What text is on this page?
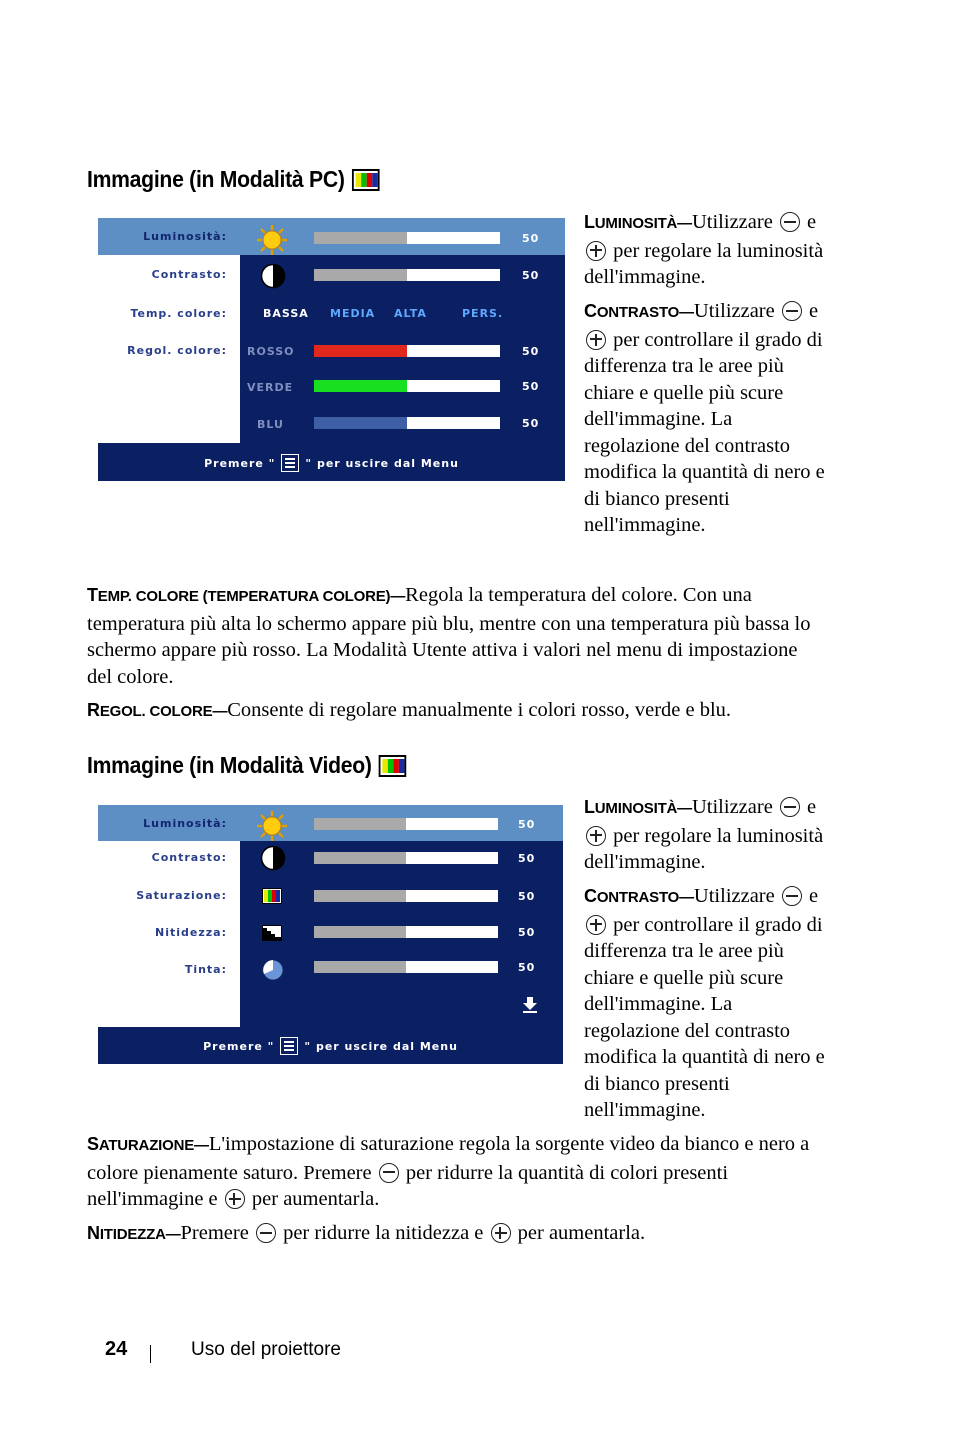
Immagine (in Modalità PC)
Luminosità:	50
Contrasto:	50
Temp. colore:	BASSA MEDIA ALTA	PERS.
Regol. colore: ROSSO	50
VERDE	50
BLU	50
Premere "	" per uscire dal Menu
LUMINOSITÀ—Utilizzare e  per regolare la luminosità dell'immagine.
CONTRASTO—Utilizzare e  per controllare il grado di differenza tra le aree più chiare e quelle più scure dell'immagine. La regolazione del contrasto modifica la quantità di nero e di bianco presenti nell'immagine.
TEMP. COLORE (TEMPERATURA COLORE)—Regola la temperatura del colore. Con una temperatura più alta lo schermo appare più blu, mentre con una temperatura più bassa lo schermo appare più rosso. La Modalità Utente attiva i valori nel menu di impostazione del colore.
REGOL. COLORE—Consente di regolare manualmente i colori rosso, verde e blu.
Immagine (in Modalità Video)
Luminosità:	50
Contrasto:	50
Saturazione:	50
Nitidezza:	50
Tinta:	50
Premere "	" per uscire dal Menu
LUMINOSITÀ—Utilizzare e  per regolare la luminosità dell'immagine.
CONTRASTO—Utilizzare e  per controllare il grado di differenza tra le aree più chiare e quelle più scure dell'immagine. La regolazione del contrasto modifica la quantità di nero e di bianco presenti nell'immagine.
SATURAZIONE—L'impostazione di saturazione regola la sorgente video da bianco e nero a colore pienamente saturo. Premere per ridurre la quantità di colori presenti nell'immagine e per aumentarla.
NITIDEZZA—Premere per ridurre la nitidezza e per aumentarla.
24	Uso del proiettore
